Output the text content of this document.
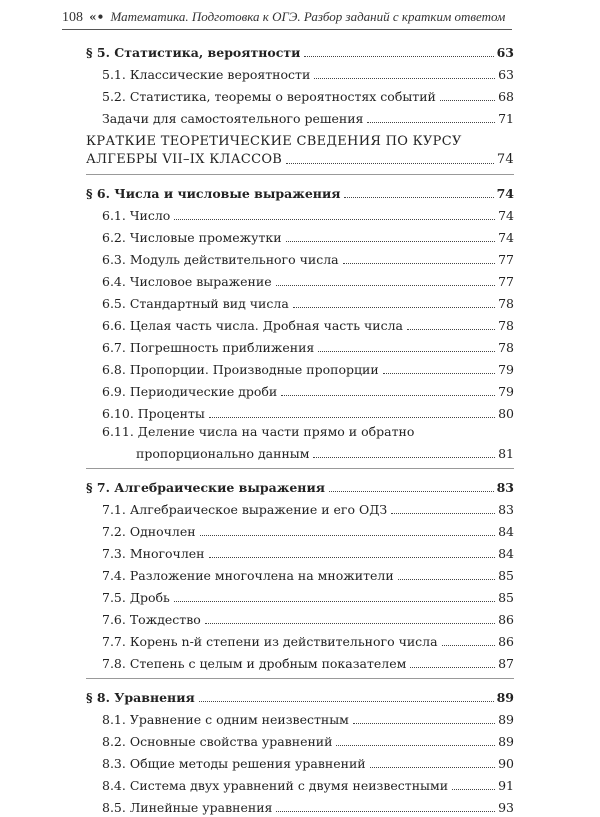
108 «• Математика. Подготовка к ОГЭ. Разбор заданий с кратким ответом
§ 5. Статистика, вероятности	63
5.1. Классические вероятности	63
5.2. Статистика, теоремы о вероятностях событий	68
Задачи для самостоятельного решения	71
КРАТКИЕ ТЕОРЕТИЧЕСКИЕ СВЕДЕНИЯ ПО КУРСУ
АЛГЕБРЫ VII–IX КЛАССОВ	74
§ 6. Числа и числовые выражения	74
6.1. Число	74
6.2. Числовые промежутки	74
6.3. Модуль действительного числа	77
6.4. Числовое выражение	77
6.5. Стандартный вид числа	78
6.6. Целая часть числа. Дробная часть числа	78
6.7. Погрешность приближения	78
6.8. Пропорции. Производные пропорции	79
6.9. Периодические дроби	79
6.10. Проценты	80
6.11. Деление числа на части прямо и обратно
пропорционально данным	81
§ 7. Алгебраические выражения	83
7.1. Алгебраическое выражение и его ОДЗ	83
7.2. Одночлен	84
7.3. Многочлен	84
7.4. Разложение многочлена на множители	85
7.5. Дробь	85
7.6. Тождество	86
7.7. Корень n-й степени из действительного числа	86
7.8. Степень с целым и дробным показателем	87
§ 8. Уравнения	89
8.1. Уравнение с одним неизвестным	89
8.2. Основные свойства уравнений	89
8.3. Общие методы решения уравнений	90
8.4. Система двух уравнений с двумя неизвестными	91
8.5. Линейные уравнения	93
